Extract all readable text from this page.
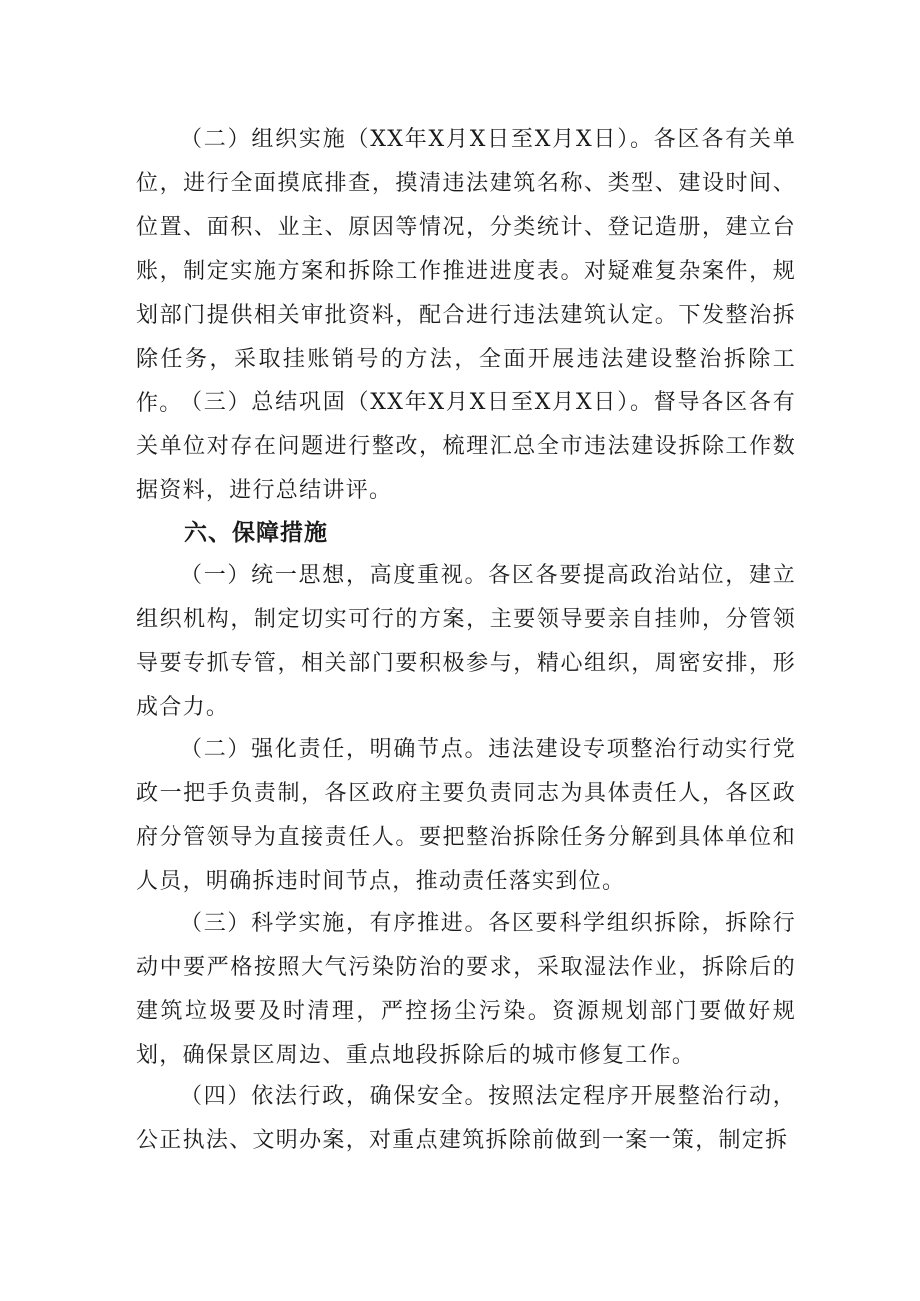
（二）组织实施（XX年X月X日至X月X日）。各区各有关单位，进行全面摸底排查，摸清违法建筑名称、类型、建设时间、位置、面积、业主、原因等情况，分类统计、登记造册，建立台账，制定实施方案和拆除工作推进进度表。对疑难复杂案件，规划部门提供相关审批资料，配合进行违法建筑认定。下发整治拆除任务，采取挂账销号的方法，全面开展违法建设整治拆除工作。

（三）总结巩固（XX年X月X日至X月X日）。督导各区各有关单位对存在问题进行整改，梳理汇总全市违法建设拆除工作数据资料，进行总结讲评。

六、保障措施

（一）统一思想，高度重视。各区各要提高政治站位，建立组织机构，制定切实可行的方案，主要领导要亲自挂帅，分管领导要专抓专管，相关部门要积极参与，精心组织，周密安排，形成合力。

（二）强化责任，明确节点。违法建设专项整治行动实行党政一把手负责制，各区政府主要负责同志为具体责任人，各区政府分管领导为直接责任人。要把整治拆除任务分解到具体单位和人员，明确拆违时间节点，推动责任落实到位。

（三）科学实施，有序推进。各区要科学组织拆除，拆除行动中要严格按照大气污染防治的要求，采取湿法作业，拆除后的建筑垃圾要及时清理，严控扬尘污染。资源规划部门要做好规划，确保景区周边、重点地段拆除后的城市修复工作。

（四）依法行政，确保安全。按照法定程序开展整治行动，公正执法、文明办案，对重点建筑拆除前做到一案一策，制定拆
